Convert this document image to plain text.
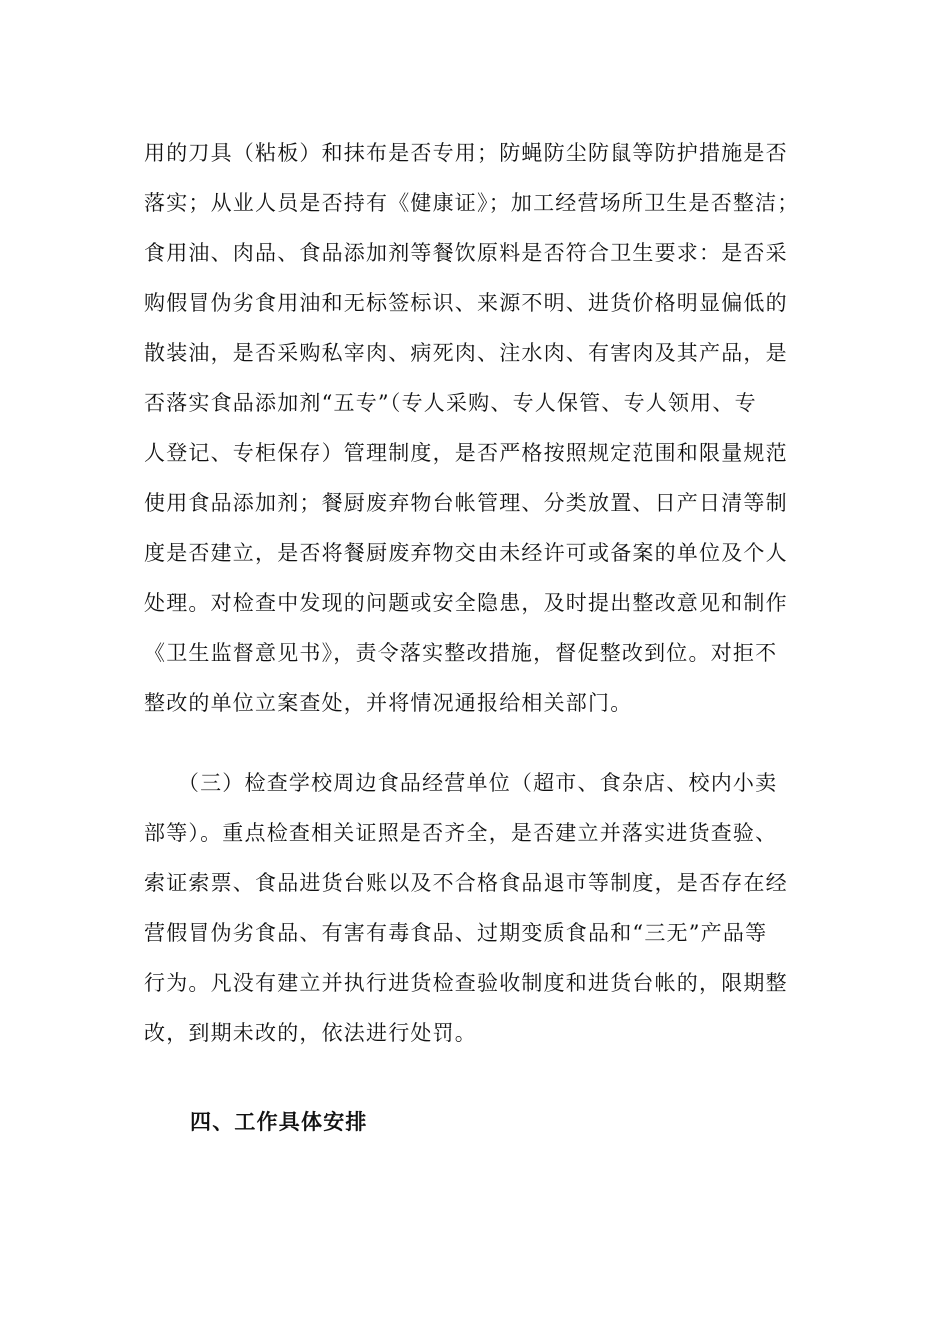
用的刀具（粘板）和抹布是否专用；防蝇防尘防鼠等防护措施是否
落实；从业人员是否持有《健康证》；加工经营场所卫生是否整洁；
食用油、肉品、食品添加剂等餐饮原料是否符合卫生要求：是否采
购假冒伪劣食用油和无标签标识、来源不明、进货价格明显偏低的
散装油，是否采购私宰肉、病死肉、注水肉、有害肉及其产品，是
否落实食品添加剂“五专”（专人采购、专人保管、专人领用、专
人登记、专柜保存）管理制度，是否严格按照规定范围和限量规范
使用食品添加剂；餐厨废弃物台帐管理、分类放置、日产日清等制
度是否建立，是否将餐厨废弃物交由未经许可或备案的单位及个人
处理。对检查中发现的问题或安全隐患，及时提出整改意见和制作
《卫生监督意见书》，责令落实整改措施，督促整改到位。对拒不
整改的单位立案查处，并将情况通报给相关部门。
　　（三）检查学校周边食品经营单位（超市、食杂店、校内小卖
部等）。重点检查相关证照是否齐全，是否建立并落实进货查验、
索证索票、食品进货台账以及不合格食品退市等制度，是否存在经
营假冒伪劣食品、有害有毒食品、过期变质食品和“三无”产品等
行为。凡没有建立并执行进货检查验收制度和进货台帐的，限期整
改，到期未改的，依法进行处罚。
四、工作具体安排
